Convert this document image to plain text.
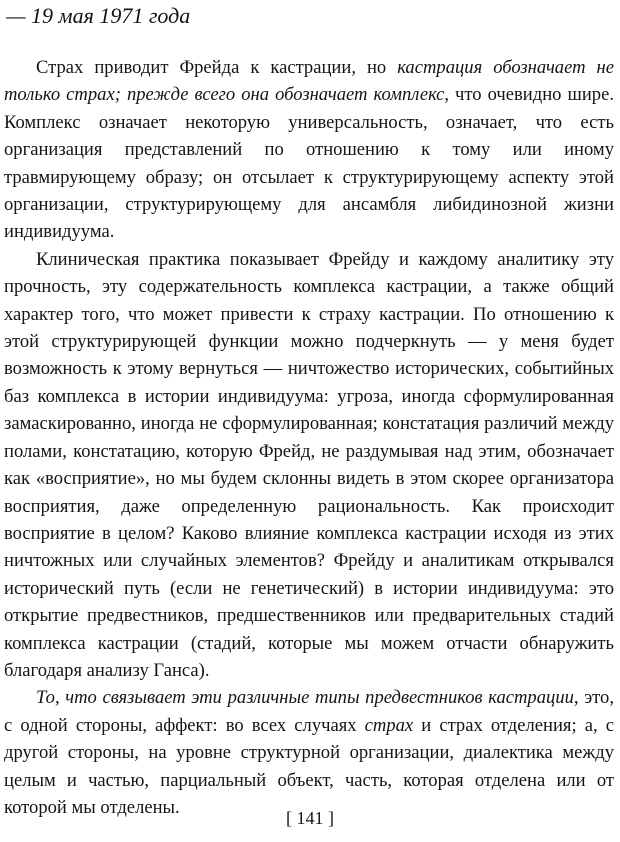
— 19 мая 1971 года

Страх приводит Фрейда к кастрации, но кастрация обозначает не только страх; прежде всего она обозначает комплекс, что очевидно шире. Комплекс означает некоторую универсальность, означает, что есть организация представлений по отношению к тому или иному травмирующему образу; он отсылает к структурирующему аспекту этой организации, структурирующему для ансамбля либидинозной жизни индивидуума.

Клиническая практика показывает Фрейду и каждому аналитику эту прочность, эту содержательность комплекса кастрации, а также общий характер того, что может привести к страху кастрации. По отношению к этой структурирующей функции можно подчеркнуть — у меня будет возможность к этому вернуться — ничтожество исторических, событийных баз комплекса в истории индивидуума: угроза, иногда сформулированная замаскированно, иногда не сформулированная; констатация различий между полами, констатацию, которую Фрейд, не раздумывая над этим, обозначает как «восприятие», но мы будем склонны видеть в этом скорее организатора восприятия, даже определенную рациональность. Как происходит восприятие в целом? Каково влияние комплекса кастрации исходя из этих ничтожных или случайных элементов? Фрейду и аналитикам открывался исторический путь (если не генетический) в истории индивидуума: это открытие предвестников, предшественников или предварительных стадий комплекса кастрации (стадий, которые мы можем отчасти обнаружить благодаря анализу Ганса).

То, что связывает эти различные типы предвестников кастрации, это, с одной стороны, аффект: во всех случаях страх и страх отделения; а, с другой стороны, на уровне структурной организации, диалектика между целым и частью, парциальный объект, часть, которая отделена или от которой мы отделены.

[ 141 ]
